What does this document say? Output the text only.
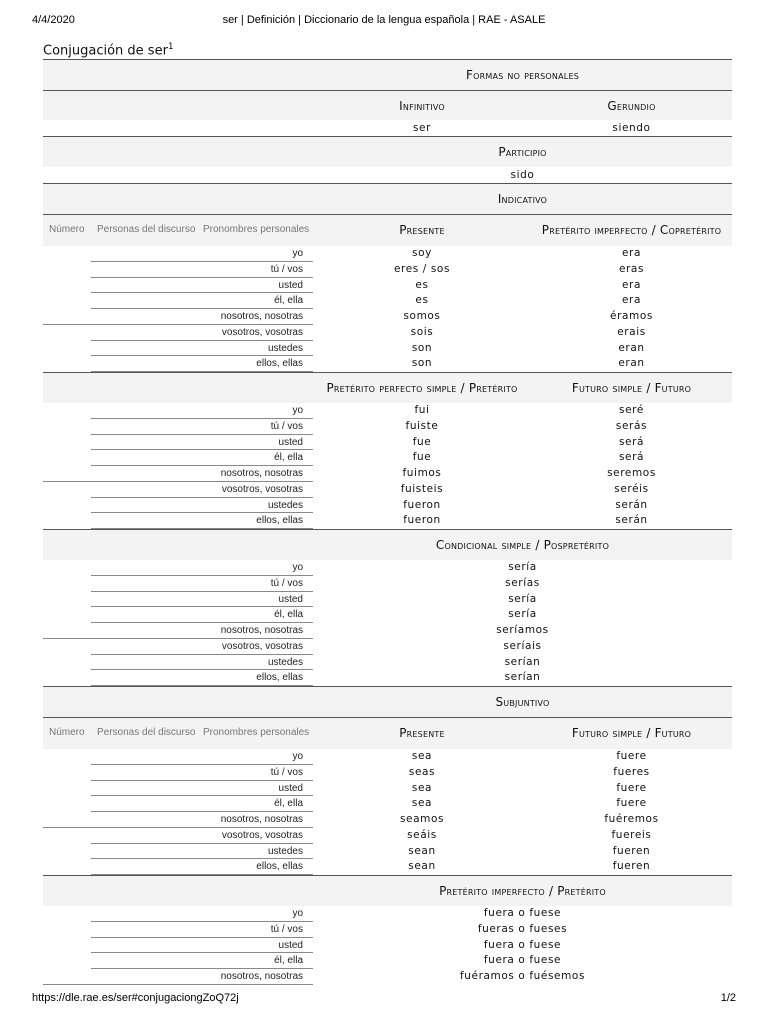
4/4/2020	ser | Definición | Diccionario de la lengua española | RAE - ASALE
Conjugación de ser$^1$
Formas no personales
Infinitivo	Gerundio
ser	siendo
Participio
sido
Indicativo
Número Personas del discurso Pronombres personales	Presente	Pretérito imperfecto / Copretérito
yo	soy	era
tú / vos	eres / sos	eras
usted	es	era
él, ella	es	era
nosotros, nosotras	somos	éramos
vosotros, vosotras	sois	erais
ustedes	son	eran
ellos, ellas	son	eran
Pretérito perfecto simple / Pretérito	Futuro simple / Futuro
yo	fui	seré
tú / vos	fuiste	serás
usted	fue	será
él, ella	fue	será
nosotros, nosotras	fuimos	seremos
vosotros, vosotras	fuisteis	seréis
ustedes	fueron	serán
ellos, ellas	fueron	serán
Condicional simple / Pospretérito
yo	sería
tú / vos	serías
usted	sería
él, ella	sería
nosotros, nosotras	seríamos
vosotros, vosotras	seríais
ustedes	serían
ellos, ellas	serían
Subjuntivo
Número Personas del discurso Pronombres personales	Presente	Futuro simple / Futuro
yo	sea	fuere
tú / vos	seas	fueres
usted	sea	fuere
él, ella	sea	fuere
nosotros, nosotras	seamos	fuéremos
vosotros, vosotras	seáis	fuereis
ustedes	sean	fueren
ellos, ellas	sean	fueren
Pretérito imperfecto / Pretérito
yo	fuera o fuese
tú / vos	fueras o fueses
usted	fuera o fuese
él, ella	fuera o fuese
nosotros, nosotras	fuéramos o fuésemos
https://dle.rae.es/ser#conjugaciongZoQ72j	1/2
